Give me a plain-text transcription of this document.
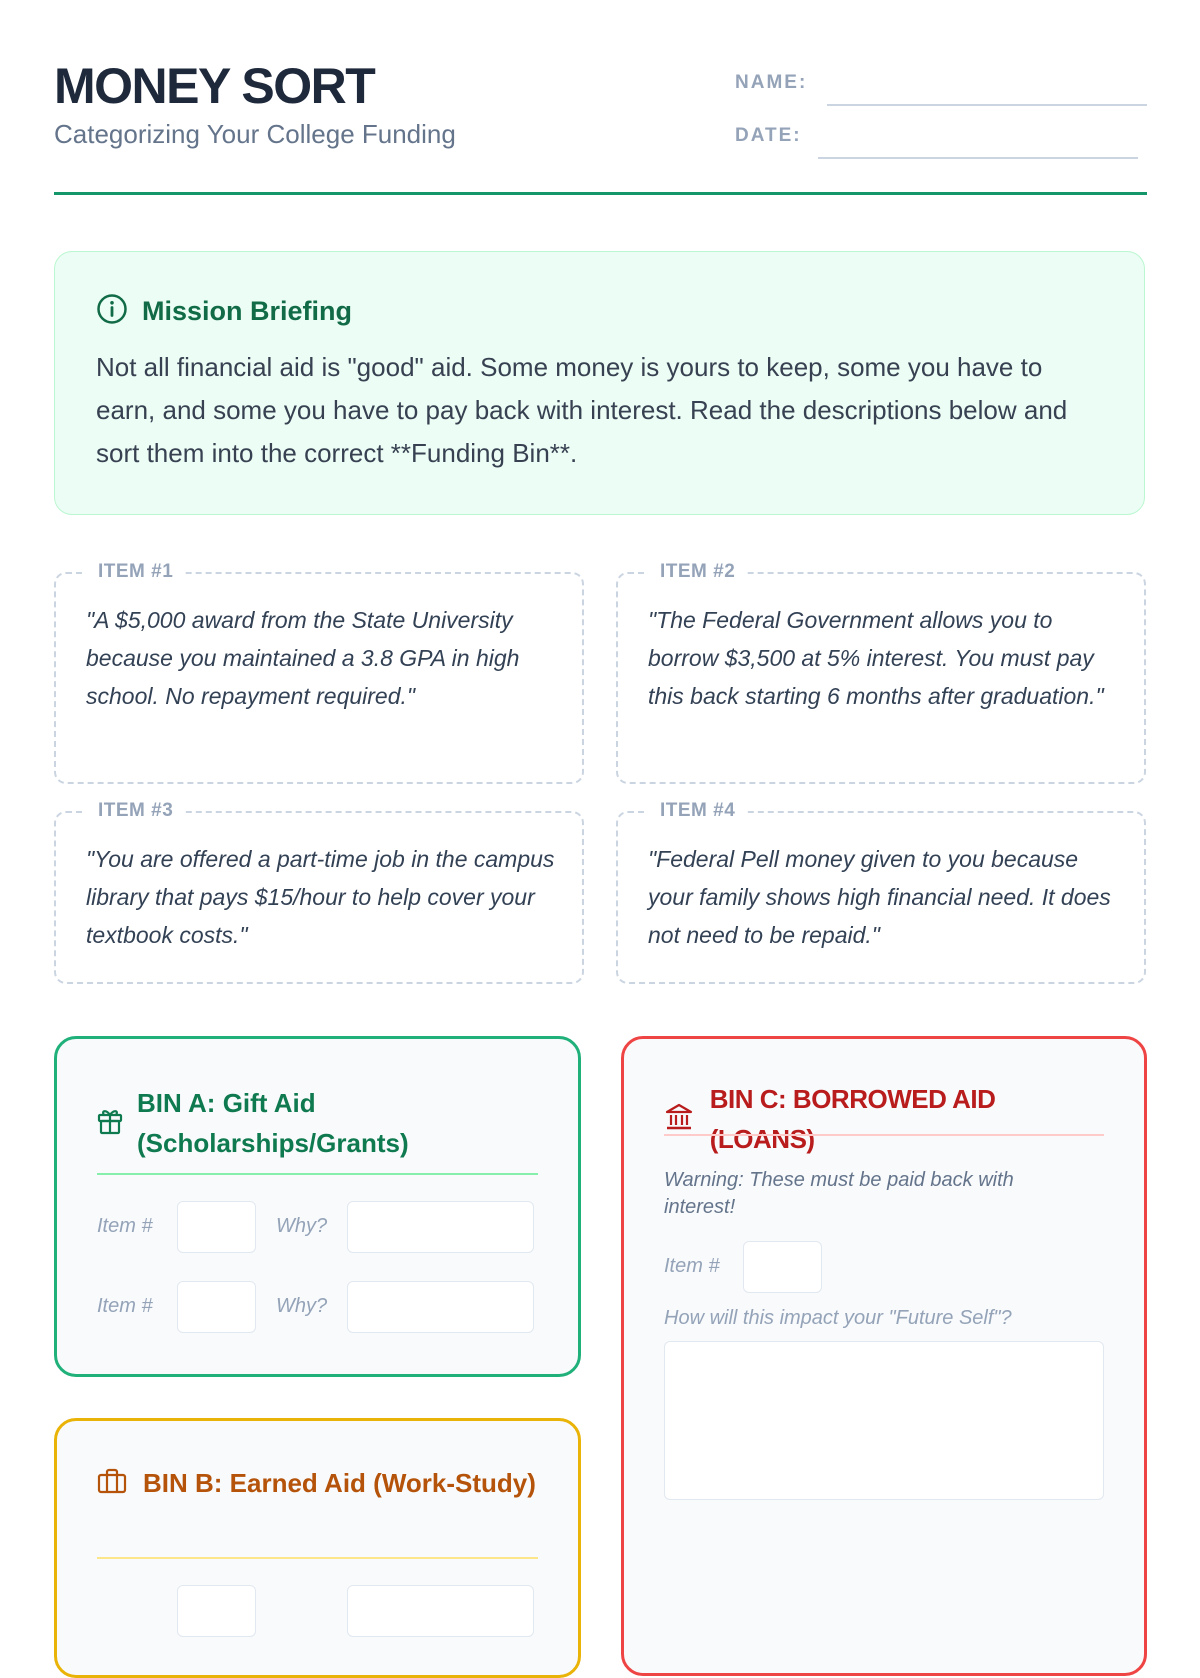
MONEY SORT
Categorizing Your College Funding
NAME:
DATE:
Mission Briefing

Not all financial aid is "good" aid. Some money is yours to keep, some you have to earn, and some you have to pay back with interest. Read the descriptions below and sort them into the correct **Funding Bin**.

ITEM #1

"A $5,000 award from the State University because you maintained a 3.8 GPA in high school. No repayment required."

ITEM #2

"The Federal Government allows you to borrow $3,500 at 5% interest. You must pay this back starting 6 months after graduation."

ITEM #3

"You are offered a part-time job in the campus library that pays $15/hour to help cover your textbook costs."

ITEM #4

"Federal Pell money given to you because your family shows high financial need. It does not need to be repaid."

BIN A: Gift Aid (Scholarships/Grants)
Item #	Why?
Item #	Why?
BIN B: Earned Aid (Work-Study)
BIN C: BORROWED AID (LOANS)

Warning: These must be paid back with interest!

Item #
How will this impact your "Future Self"?
